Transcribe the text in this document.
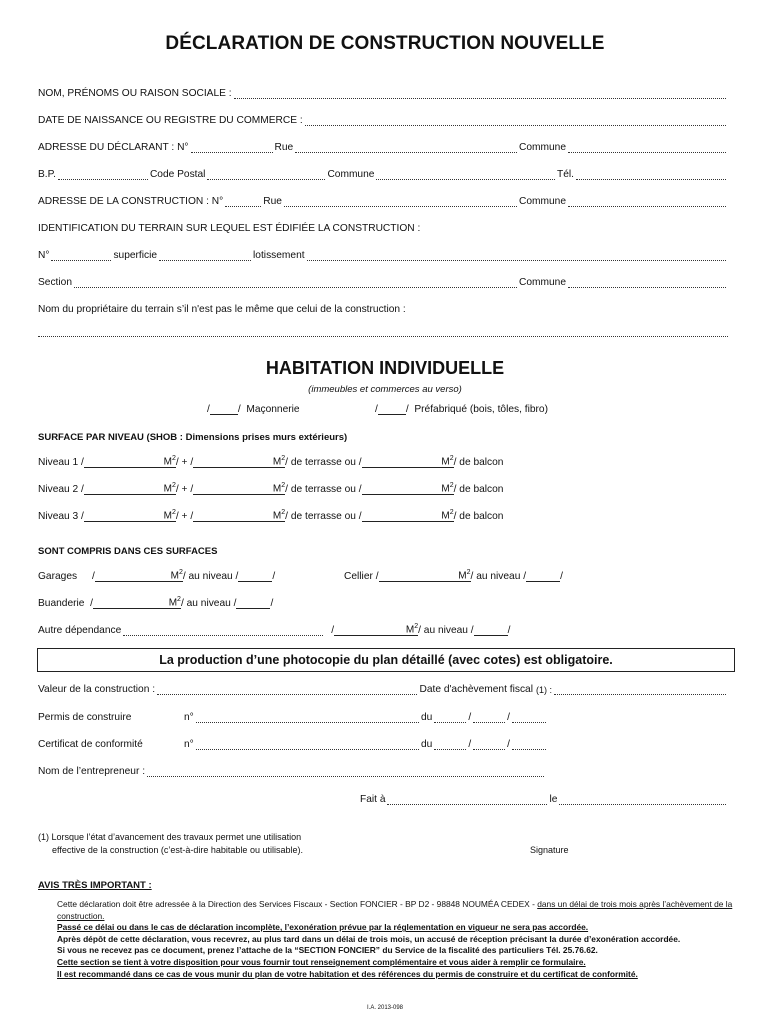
DÉCLARATION DE CONSTRUCTION NOUVELLE
NOM, PRÉNOMS OU RAISON SOCIALE :
DATE DE NAISSANCE OU REGISTRE DU COMMERCE :
ADRESSE DU DÉCLARANT : N°	Rue	Commune
B.P.	Code Postal	Commune	Tél.
ADRESSE DE LA CONSTRUCTION : N°	Rue	Commune
IDENTIFICATION DU TERRAIN SUR LEQUEL EST ÉDIFIÉE LA CONSTRUCTION :
N°	superficie	lotissement
Section	Commune
Nom du propriétaire du terrain s’il n'est pas le même que celui de la construction :
HABITATION INDIVIDUELLE
(immeubles et commerces au verso)
/	/ Maçonnerie	/	/ Préfabriqué (bois, tôles, fibro)
SURFACE PAR NIVEAU (SHOB : Dimensions prises murs extérieurs)
Niveau 1 /	$M^2$ / + /	$M^2$ / de terrasse ou /	$M^2$ / de balcon
Niveau 2 /	$M^2$ / + /	$M^2$ / de terrasse ou /	$M^2$ / de balcon
Niveau 3 /	$M^2$ / + /	$M^2$ / de terrasse ou /	$M^2$ / de balcon
SONT COMPRIS DANS CES SURFACES
Garages /	$M^2$ / au niveau /	/	Cellier /	$M^2$ / au niveau /	/
Buanderie /	$M^2$ / au niveau /	/
Autre dépendance	/	$M^2$ / au niveau /	/
La production d’une photocopie du plan détaillé (avec cotes) est obligatoire.
Valeur de la construction :	Date d'achèvement fiscal (1) :
Permis de construire	n°	du	/	/
Certificat de conformité	n°	du	/	/
Nom de l’entrepreneur :
Fait à	le
(1) Lorsque l’état d’avancement des travaux permet une utilisation
effective de la construction (c’est-à-dire habitable ou utilisable).	Signature
AVIS TRÈS IMPORTANT :

Cette déclaration doit être adressée à la Direction des Services Fiscaux - Section FONCIER - BP D2 - 98848 NOUMÉA CEDEX - dans un délai de trois mois après l’achèvement de la construction.

Passé ce délai ou dans le cas de déclaration incomplète, l’exonération prévue par la réglementation en vigueur ne sera pas accordée.

Après dépôt de cette déclaration, vous recevrez, au plus tard dans un délai de trois mois, un accusé de réception précisant la durée d’exonération accordée.

Si vous ne recevez pas ce document, prenez l’attache de la “SECTION FONCIER” du Service de la fiscalité des particuliers Tél. 25.76.62.

Cette section se tient à votre disposition pour vous fournir tout renseignement complémentaire et vous aider à remplir ce formulaire.

Il est recommandé dans ce cas de vous munir du plan de votre habitation et des références du permis de construire et du certificat de conformité.

I.A. 2013-098
